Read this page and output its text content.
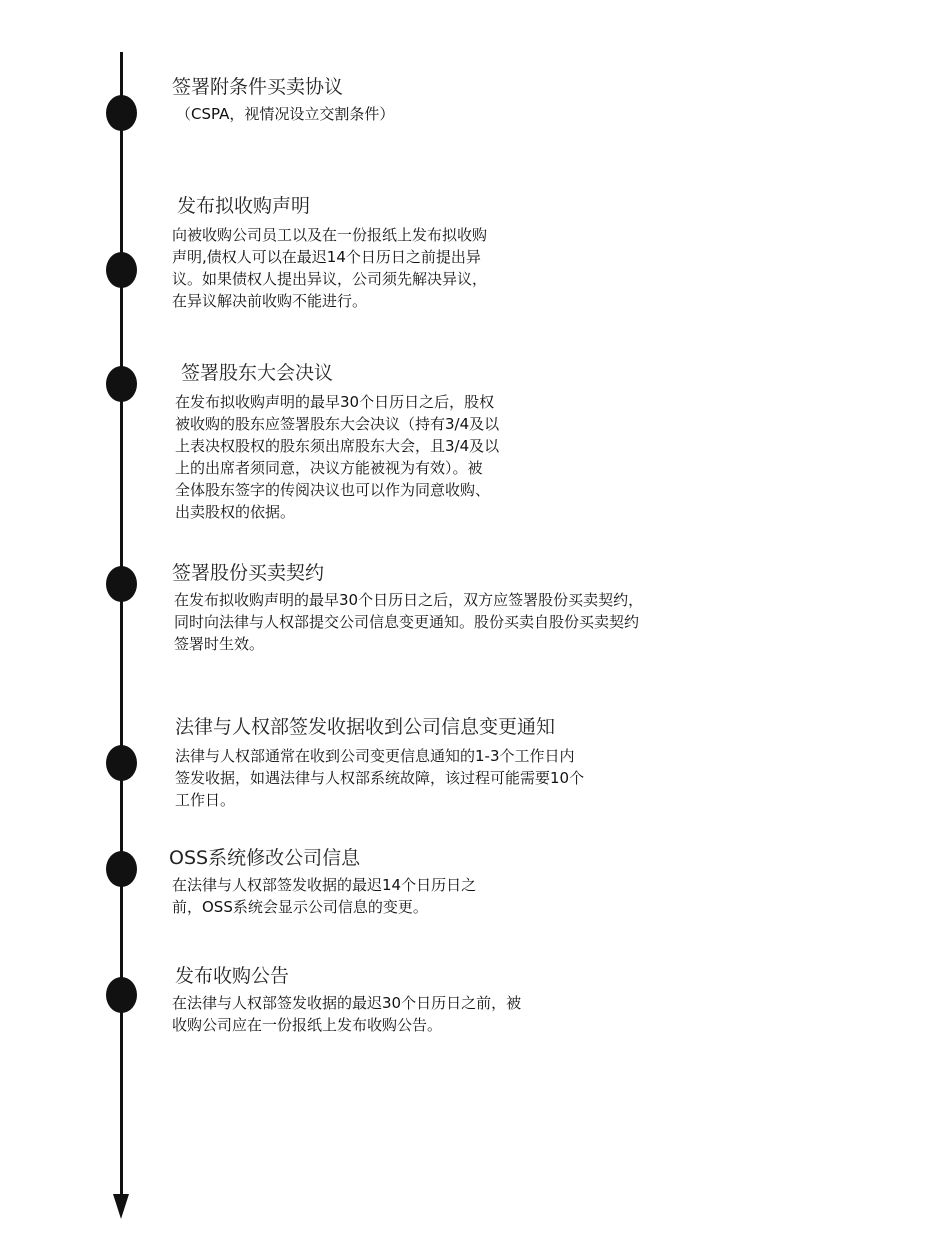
签署附条件买卖协议
（CSPA，视情况设立交割条件）
发布拟收购声明
向被收购公司员工以及在一份报纸上发布拟收购
声明,债权人可以在最迟14个日历日之前提出异
议。如果债权人提出异议，公司须先解决异议，
在异议解决前收购不能进行。
签署股东大会决议
在发布拟收购声明的最早30个日历日之后，股权
被收购的股东应签署股东大会决议（持有3/4及以
上表决权股权的股东须出席股东大会，且3/4及以
上的出席者须同意，决议方能被视为有效）。被
全体股东签字的传阅决议也可以作为同意收购、
出卖股权的依据。
签署股份买卖契约
在发布拟收购声明的最早30个日历日之后，双方应签署股份买卖契约，
同时向法律与人权部提交公司信息变更通知。股份买卖自股份买卖契约
签署时生效。
法律与人权部签发收据收到公司信息变更通知
法律与人权部通常在收到公司变更信息通知的1-3个工作日内
签发收据，如遇法律与人权部系统故障，该过程可能需要10个
工作日。
OSS系统修改公司信息
在法律与人权部签发收据的最迟14个日历日之
前，OSS系统会显示公司信息的变更。
发布收购公告
在法律与人权部签发收据的最迟30个日历日之前，被
收购公司应在一份报纸上发布收购公告。
